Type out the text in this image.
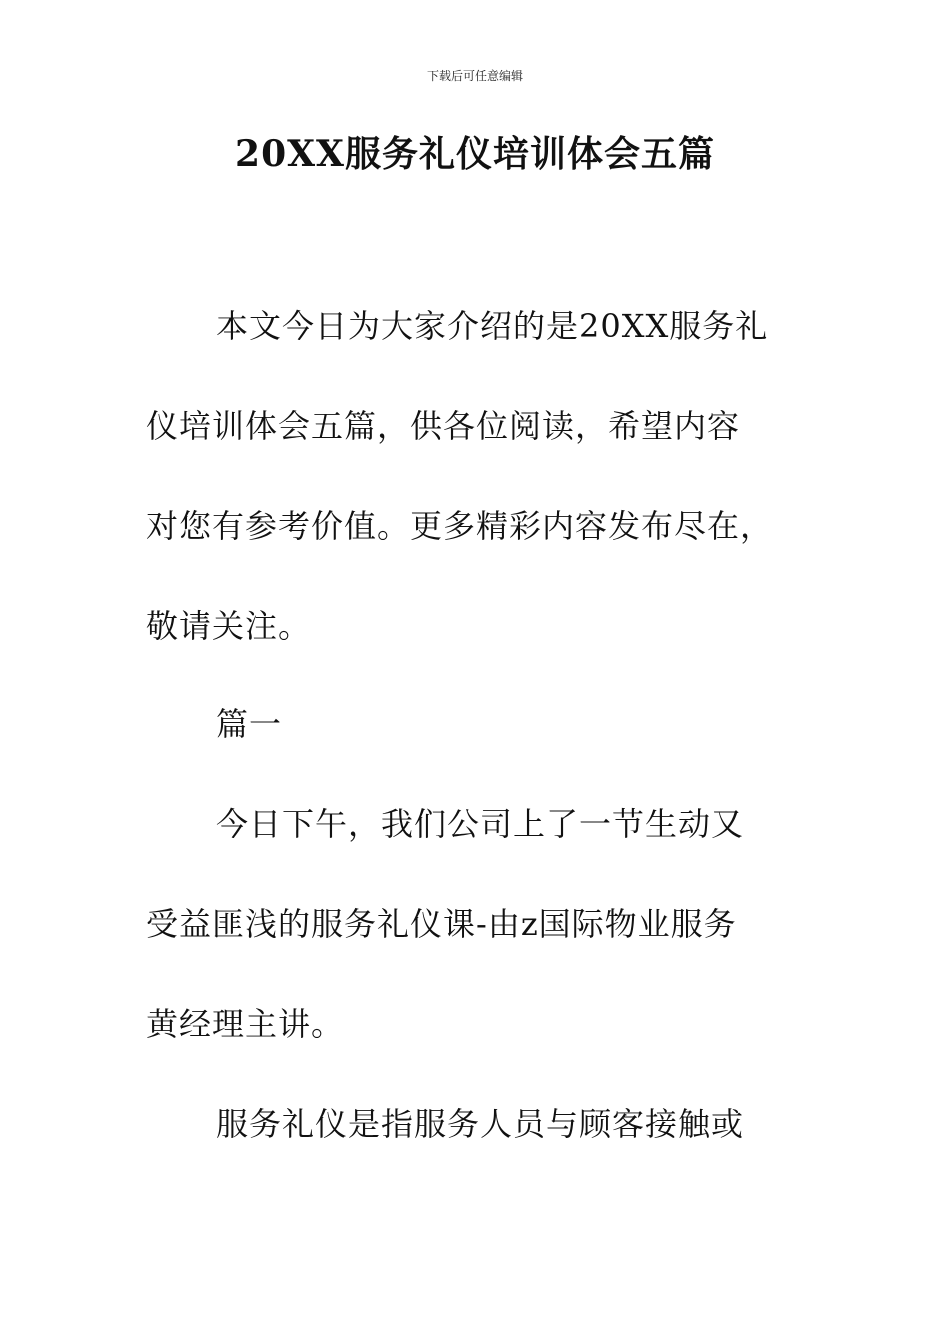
下载后可任意编辑
20XX服务礼仪培训体会五篇
本文今日为大家介绍的是20XX服务礼
仪培训体会五篇，供各位阅读，希望内容
对您有参考价值。更多精彩内容发布尽在，
敬请关注。
篇一
今日下午，我们公司上了一节生动又
受益匪浅的服务礼仪课-由z国际物业服务
黄经理主讲。
服务礼仪是指服务人员与顾客接触或
